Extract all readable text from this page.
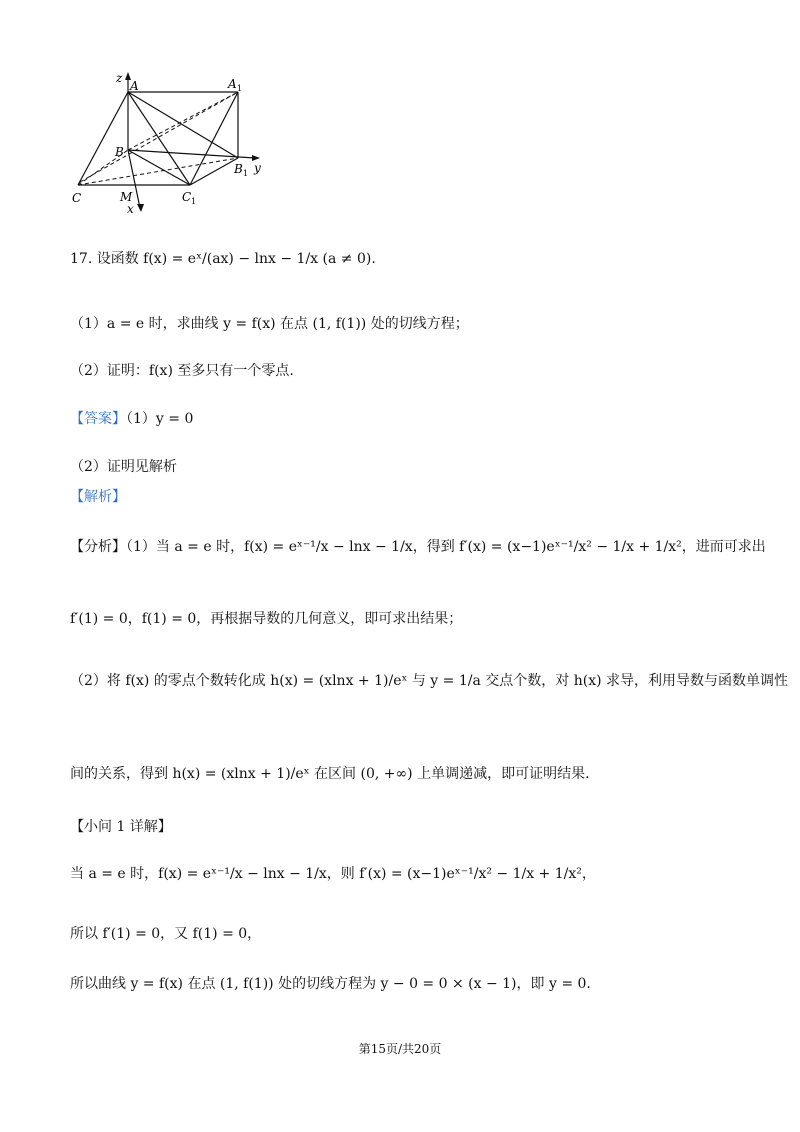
z
A	A 1
B
B 1 y
C	M	C 1
x
17. 设函数 f(x) = eˣ/(ax) − lnx − 1/x (a ≠ 0).
（1）a = e 时，求曲线 y = f(x) 在点 (1, f(1)) 处的切线方程；
（2）证明：f(x) 至多只有一个零点.
【答案】（1）y = 0
（2）证明见解析
【解析】
【分析】（1）当 a = e 时，f(x) = eˣ⁻¹/x − lnx − 1/x，得到 f′(x) = (x−1)eˣ⁻¹/x² − 1/x + 1/x²，进而可求出
f′(1) = 0，f(1) = 0，再根据导数的几何意义，即可求出结果；
（2）将 f(x) 的零点个数转化成 h(x) = (xlnx + 1)/eˣ 与 y = 1/a 交点个数，对 h(x) 求导，利用导数与函数单调性
间的关系，得到 h(x) = (xlnx + 1)/eˣ 在区间 (0, +∞) 上单调递减，即可证明结果.
【小问 1 详解】
当 a = e 时，f(x) = eˣ⁻¹/x − lnx − 1/x，则 f′(x) = (x−1)eˣ⁻¹/x² − 1/x + 1/x²，
所以 f′(1) = 0，又 f(1) = 0，
所以曲线 y = f(x) 在点 (1, f(1)) 处的切线方程为 y − 0 = 0 × (x − 1)，即 y = 0.
第15页/共20页
